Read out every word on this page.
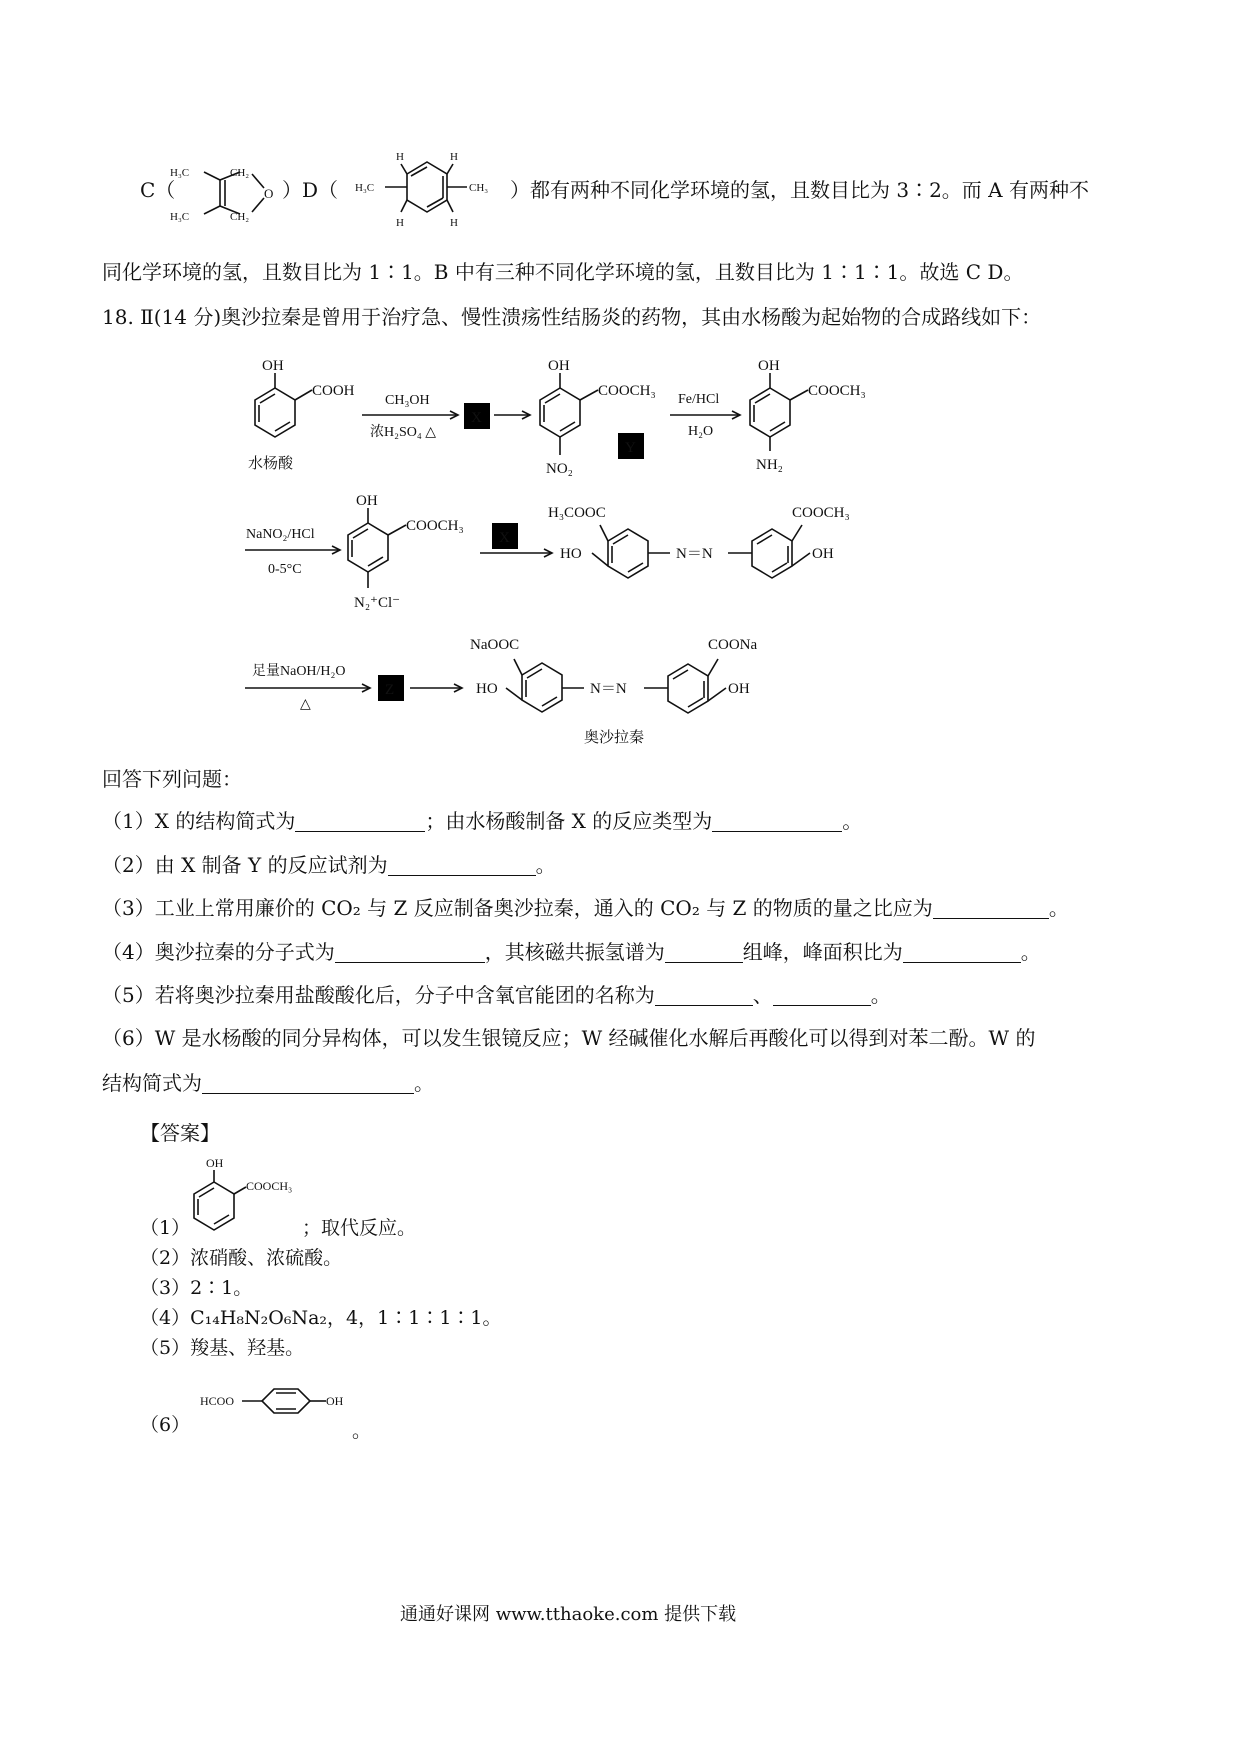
C（
H₃C
H₃C
CH₂
CH₂
O ）D（
H	H
H	H
H₃C	CH₃ ）都有两种不同化学环境的氢，且数目比为 3∶2。而 A 有两种不
同化学环境的氢，且数目比为 1∶1。B 中有三种不同化学环境的氢，且数目比为 1∶1∶1。故选 C D。
18. Ⅱ(14 分)奥沙拉秦是曾用于治疗急、慢性溃疡性结肠炎的药物，其由水杨酸为起始物的合成路线如下：
OH
COOH
水杨酸
CH₃OH
浓H₂SO₄ △
X
OH
COOCH₃
NO₂
Y
Fe/HCl
H₂O
OH
COOCH₃
NH₂
NaNO₂/HCl
0-5°C
OH
COOCH₃
N₂⁺Cl⁻
X
H₃COOC
HO	N＝N
COOCH₃
OH
足量NaOH/H₂O
△
Z
NaOOC
HO	N＝N
COONa
OH
奥沙拉秦
回答下列问题：
（1）X 的结构简式为	；由水杨酸制备 X 的反应类型为	。
（2）由 X 制备 Y 的反应试剂为	。
（3）工业上常用廉价的 CO₂ 与 Z 反应制备奥沙拉秦，通入的 CO₂ 与 Z 的物质的量之比应为	。
（4）奥沙拉秦的分子式为	，其核磁共振氢谱为	组峰，峰面积比为	。
（5）若将奥沙拉秦用盐酸酸化后，分子中含氧官能团的名称为	、	。
（6）W 是水杨酸的同分异构体，可以发生银镜反应；W 经碱催化水解后再酸化可以得到对苯二酚。W 的
结构简式为	。
【答案】
（1）
OH
COOCH₃
；取代反应。
（2）浓硝酸、浓硫酸。
（3）2∶1。
（4）C₁₄H₈N₂O₆Na₂，4，1∶1∶1∶1。
（5）羧基、羟基。
（6）
HCOO	OH
。
通通好课网 www.tthaoke.com 提供下载
